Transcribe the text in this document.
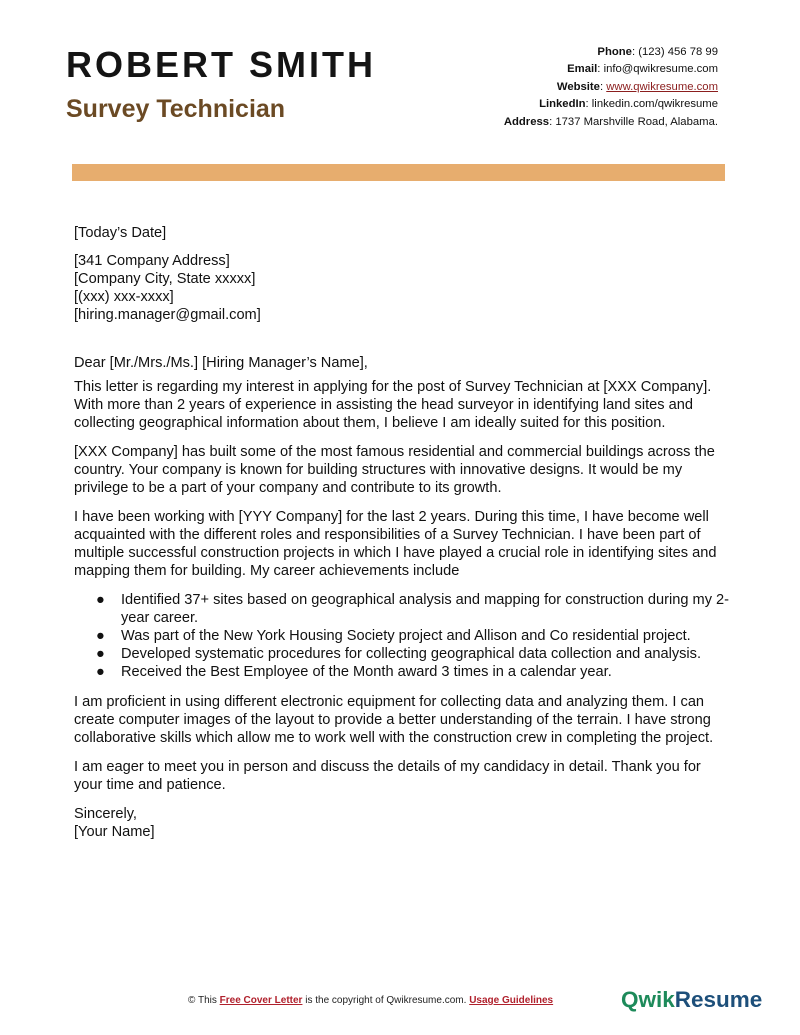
ROBERT SMITH
Survey Technician
Phone: (123) 456 78 99
Email: info@qwikresume.com
Website: www.qwikresume.com
LinkedIn: linkedin.com/qwikresume
Address: 1737 Marshville Road, Alabama.

[Today’s Date]

[341 Company Address]

[Company City, State xxxxx]

[(xxx) xxx-xxxx]

[hiring.manager@gmail.com]

Dear [Mr./Mrs./Ms.] [Hiring Manager’s Name],

This letter is regarding my interest in applying for the post of Survey Technician at [XXX Company]. With more than 2 years of experience in assisting the head surveyor in identifying land sites and collecting geographical information about them, I believe I am ideally suited for this position.

[XXX Company] has built some of the most famous residential and commercial buildings across the country. Your company is known for building structures with innovative designs. It would be my privilege to be a part of your company and contribute to its growth.

I have been working with [YYY Company] for the last 2 years. During this time, I have become well acquainted with the different roles and responsibilities of a Survey Technician. I have been part of multiple successful construction projects in which I have played a crucial role in identifying sites and mapping them for building. My career achievements include

● Identified 37+ sites based on geographical analysis and mapping for construction during my 2-year career.
● Was part of the New York Housing Society project and Allison and Co residential project.
● Developed systematic procedures for collecting geographical data collection and analysis.
● Received the Best Employee of the Month award 3 times in a calendar year.

I am proficient in using different electronic equipment for collecting data and analyzing them. I can create computer images of the layout to provide a better understanding of the terrain. I have strong collaborative skills which allow me to work well with the construction crew in completing the project.

I am eager to meet you in person and discuss the details of my candidacy in detail. Thank you for your time and patience.

Sincerely,

[Your Name]

© This Free Cover Letter is the copyright of Qwikresume.com. Usage Guidelines	QwikResume
